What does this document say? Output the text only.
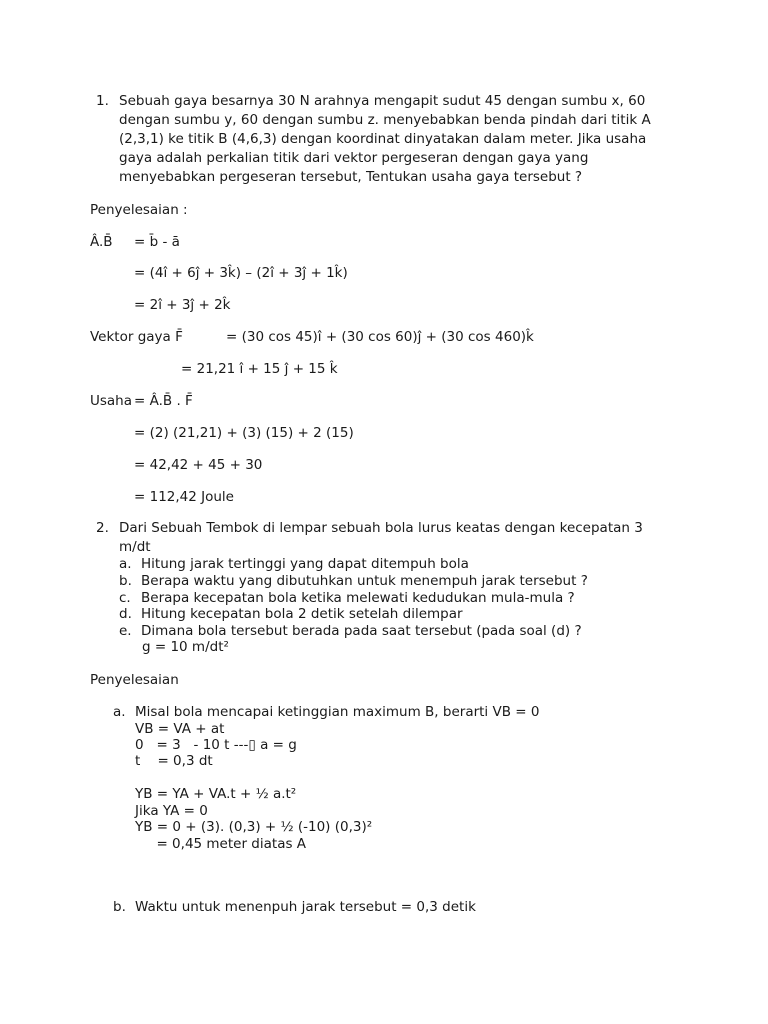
1. Sebuah gaya besarnya 30 N arahnya mengapit sudut 45 dengan sumbu x, 60
dengan sumbu y, 60 dengan sumbu z. menyebabkan benda pindah dari titik A
(2,3,1) ke titik B (4,6,3) dengan koordinat dinyatakan dalam meter. Jika usaha
gaya adalah perkalian titik dari vektor pergeseran dengan gaya yang
menyebabkan pergeseran tersebut, Tentukan usaha gaya tersebut ?
Penyelesaian :
Â.B̄ = b̄ - ā
= (4î + 6ĵ + 3k̂) – (2î + 3ĵ + 1k̂)
= 2î + 3ĵ + 2k̂
Vektor gaya F̄	= (30 cos 45)î + (30 cos 60)ĵ + (30 cos 460)k̂
= 21,21 î + 15 ĵ + 15 k̂
Usaha = Â.B̄ . F̄
= (2) (21,21) + (3) (15) + 2 (15)
= 42,42 + 45 + 30
= 112,42 Joule
2. Dari Sebuah Tembok di lempar sebuah bola lurus keatas dengan kecepatan 3
m/dt
a. Hitung jarak tertinggi yang dapat ditempuh bola
b. Berapa waktu yang dibutuhkan untuk menempuh jarak tersebut ?
c. Berapa kecepatan bola ketika melewati kedudukan mula-mula ?
d. Hitung kecepatan bola 2 detik setelah dilempar
e. Dimana bola tersebut berada pada saat tersebut (pada soal (d) ?
g = 10 m/dt²
Penyelesaian
a. Misal bola mencapai ketinggian maximum B, berarti VB = 0
VB = VA + at
0   = 3   - 10 t ---▯ a = g
t    = 0,3 dt
YB = YA + VA.t + ½ a.t²
Jika YA = 0
YB = 0 + (3). (0,3) + ½ (-10) (0,3)²
= 0,45 meter diatas A
b. Waktu untuk menenpuh jarak tersebut = 0,3 detik
